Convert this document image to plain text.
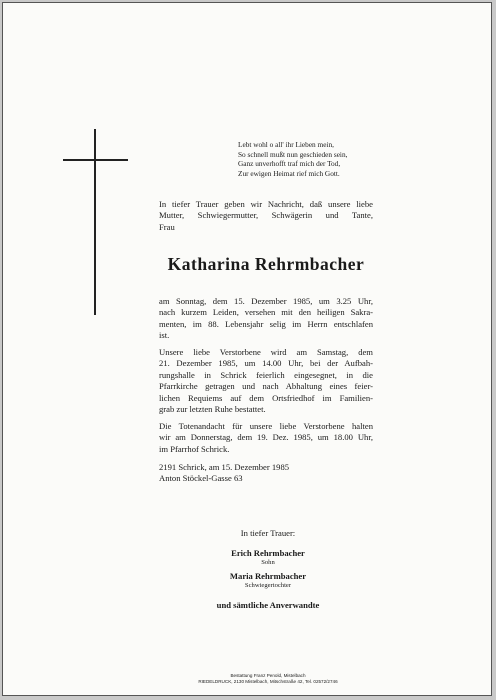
Lebt wohl o all' ihr Lieben mein,
So schnell mußt nun geschieden sein,
Ganz unverhofft traf mich der Tod,
Zur ewigen Heimat rief mich Gott.
In tiefer Trauer geben wir Nachricht, daß unsere liebe
Mutter, Schwiegermutter, Schwägerin und Tante,
Frau
Katharina Rehrmbacher
am Sonntag, dem 15. Dezember 1985, um 3.25 Uhr,
nach kurzem Leiden, versehen mit den heiligen Sakra-
menten, im 88. Lebensjahr selig im Herrn entschlafen
ist.
Unsere liebe Verstorbene wird am Samstag, dem
21. Dezember 1985, um 14.00 Uhr, bei der Aufbah-
rungshalle in Schrick feierlich eingesegnet, in die
Pfarrkirche getragen und nach Abhaltung eines feier-
lichen Requiems auf dem Ortsfriedhof im Familien-
grab zur letzten Ruhe bestattet.
Die Totenandacht für unsere liebe Verstorbene halten
wir am Donnerstag, dem 19. Dez. 1985, um 18.00 Uhr,
im Pfarrhof Schrick.
2191 Schrick, am 15. Dezember 1985
Anton Stöckel-Gasse 63
In tiefer Trauer:
Erich Rehrmbacher
Sohn
Maria Rehrmbacher
Schwiegertochter
und sämtliche Anverwandte
Bestattung Franz Penold, Mistelbach
RIEDELDRUCK, 2130 Mistelbach, Mitschstraße 42, Tel. 02572/2746
